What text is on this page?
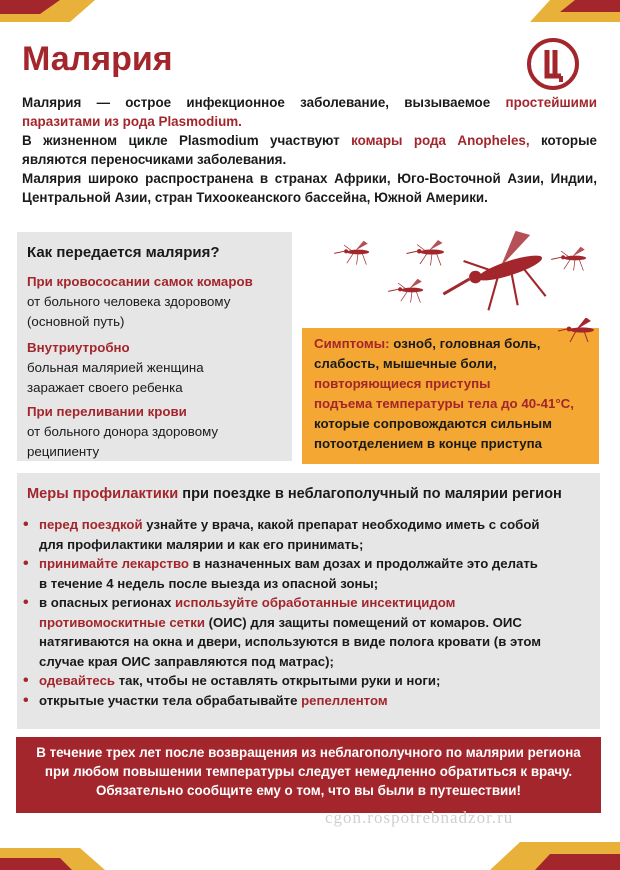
Малярия

Малярия — острое инфекционное заболевание, вызываемое простейшими

паразитами из рода Plasmodium.

В жизненном цикле Plasmodium участвуют комары рода Anopheles, которые

являются переносчиками заболевания.

Малярия широко распространена в странах Африки, Юго-Восточной Азии, Индии,

Центральной Азии, стран Тихоокеанского бассейна, Южной Америки.

Как передается малярия?
При кровососании самок комаров
от больного человека здоровому
(основной путь)
Внутриутробно
больная малярией женщина
заражает своего ребенка
При переливании крови
от больного донора здоровому
реципиенту
Симптомы: озноб, головная боль,
слабость, мышечные боли,
повторяющиеся приступы
подъема температуры тела до 40-41°С,
которые сопровождаются сильным
потоотделением в конце приступа
Меры профилактики при поездке в неблагополучный по малярии регион
• перед поездкой узнайте у врача, какой препарат необходимо иметь с собой
для профилактики малярии и как его принимать;
• принимайте лекарство в назначенных вам дозах и продолжайте это делать
в течение 4 недель после выезда из опасной зоны;
• в опасных регионах используйте обработанные инсектицидом
противомоскитные сетки (ОИС) для защиты помещений от комаров. ОИС
натягиваются на окна и двери, используются в виде полога кровати (в этом
случае края ОИС заправляются под матрас);
• одевайтесь так, чтобы не оставлять открытыми руки и ноги;
• открытые участки тела обрабатывайте репеллентом
В течение трех лет после возвращения из неблагополучного по малярии региона
при любом повышении температуры следует немедленно обратиться к врачу.
Обязательно сообщите ему о том, что вы были в путешествии!
cgon.rospotrebnadzor.ru
